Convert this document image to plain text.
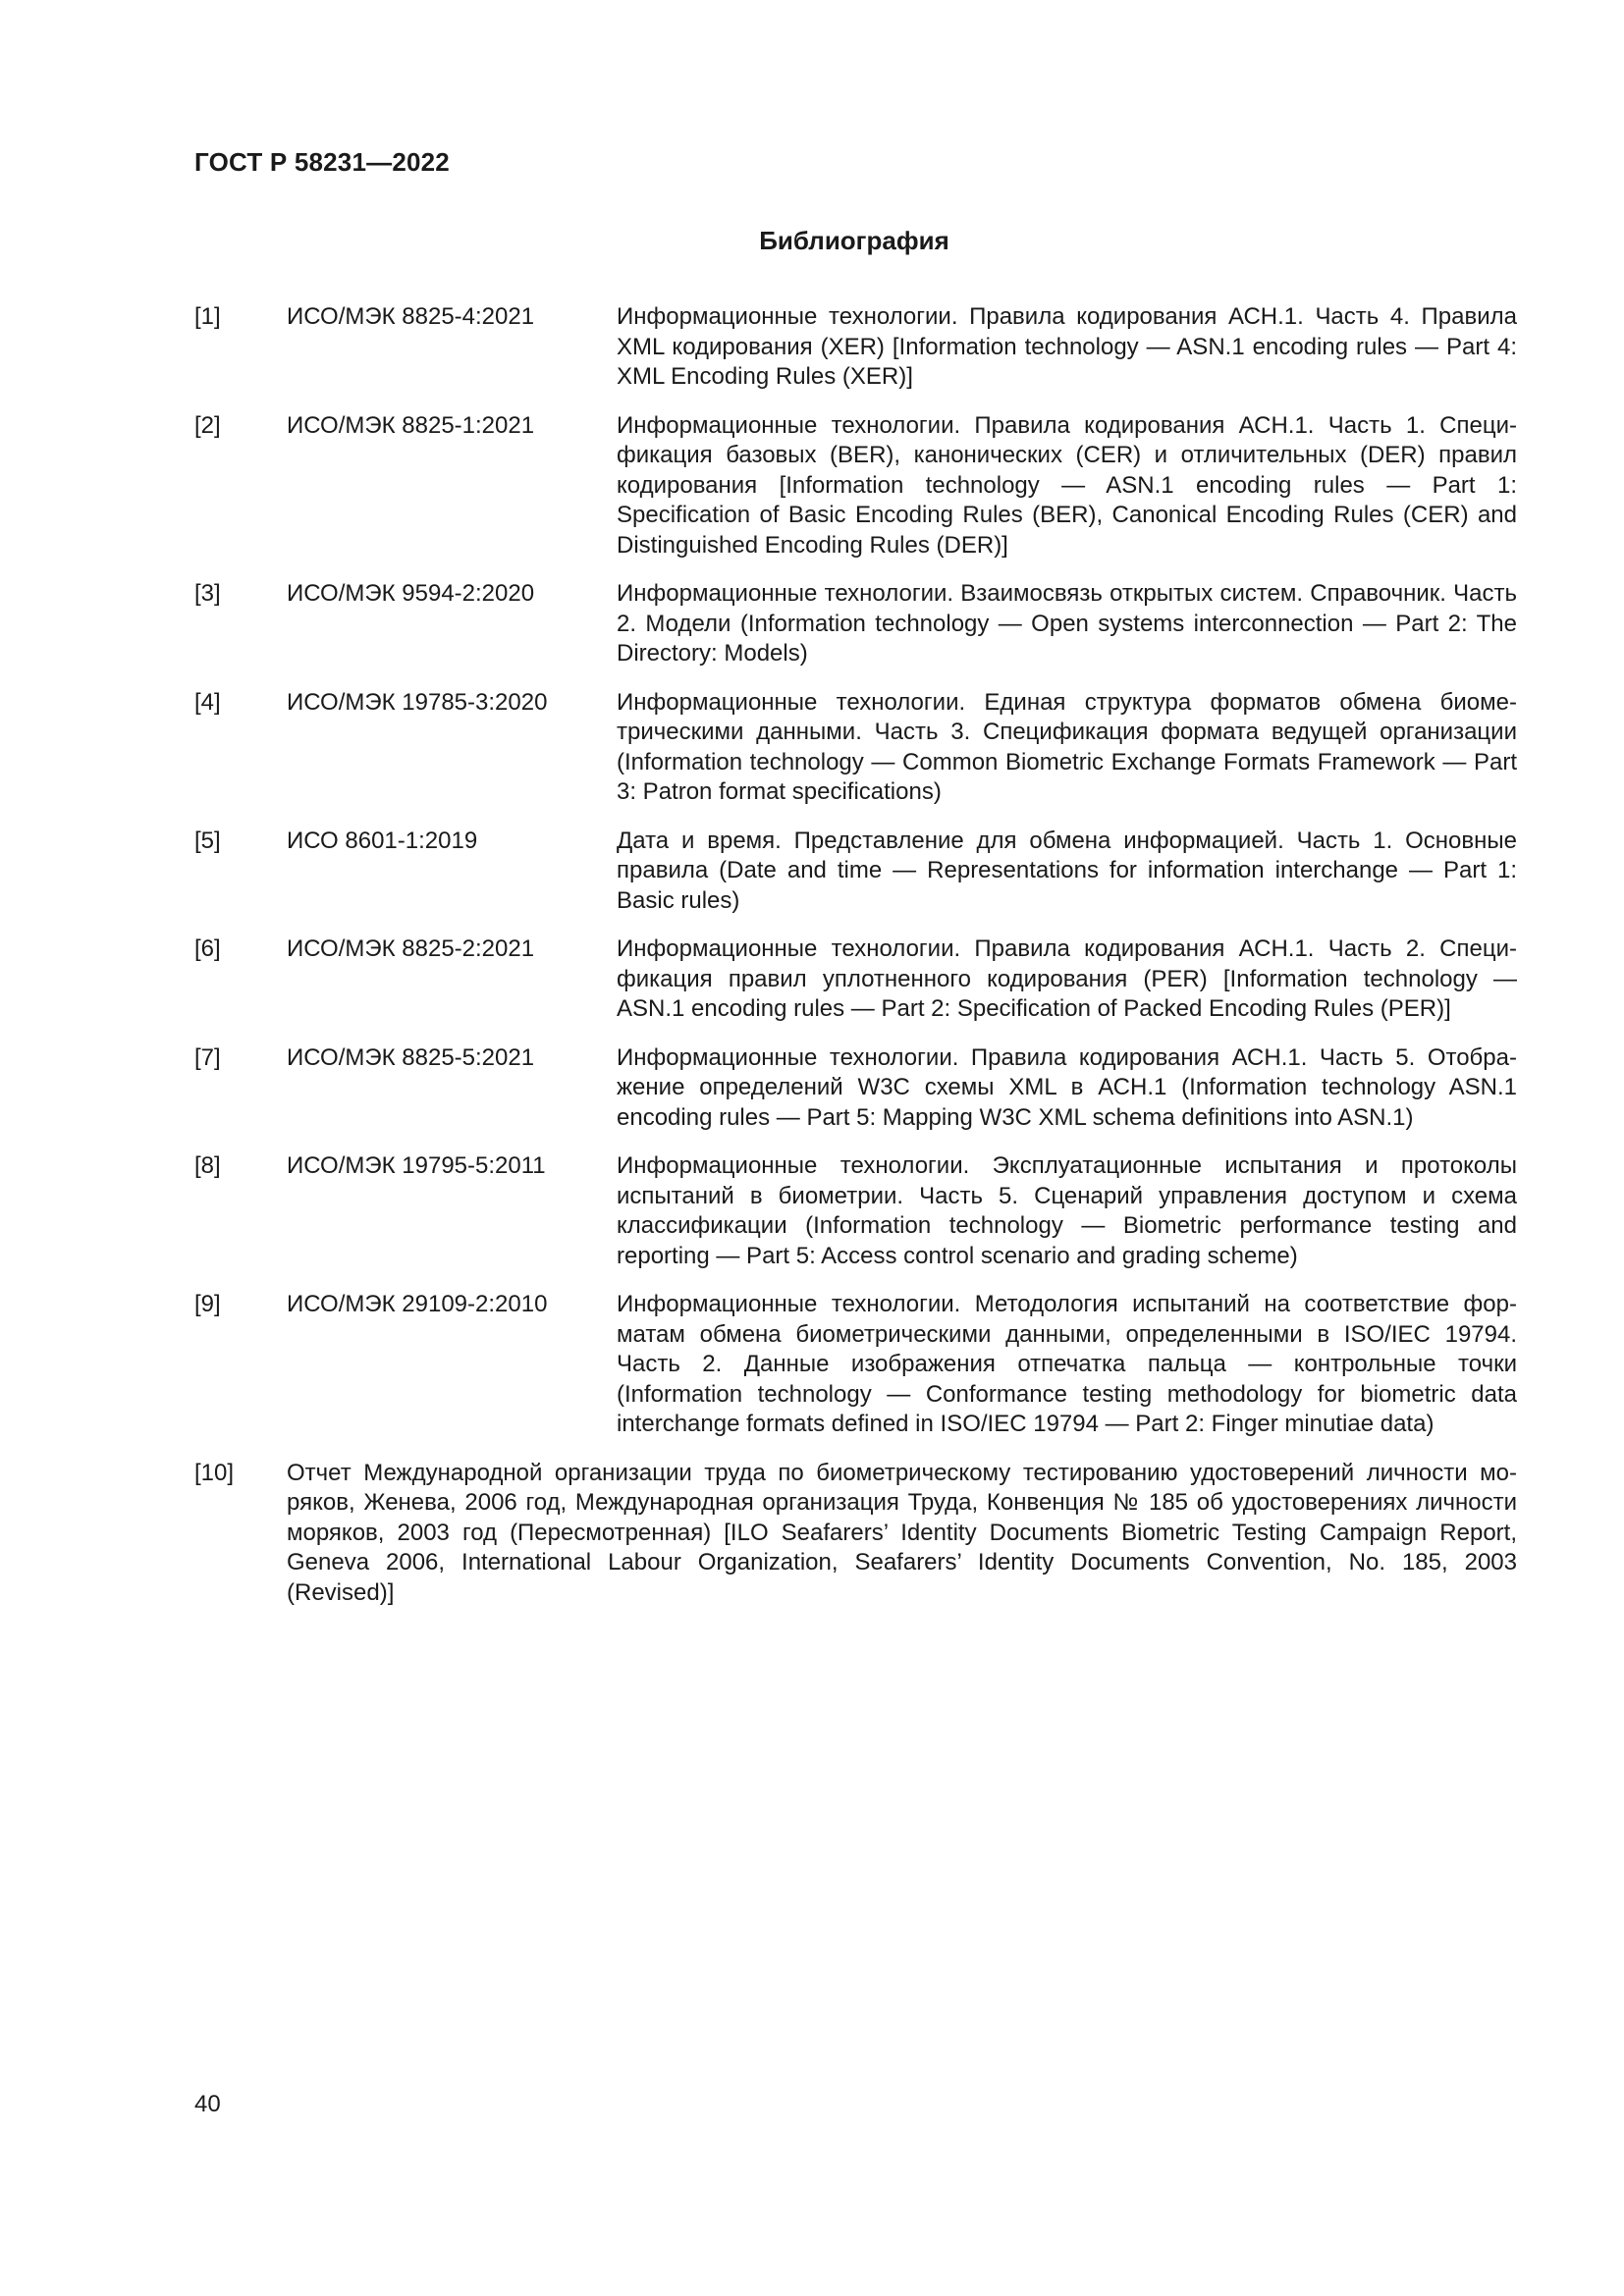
ГОСТ Р 58231—2022
Библиография
[1]	ИСО/МЭК 8825-4:2021	Информационные технологии. Правила кодирования АСН.1. Часть 4. Правила XML кодирования (XER) [Information technology — ASN.1 encoding rules — Part 4: XML Encoding Rules (XER)]
[2]	ИСО/МЭК 8825-1:2021	Информационные технологии. Правила кодирования АСН.1. Часть 1. Спецификация базовых (BER), канонических (CER) и отличительных (DER) правил кодирования [Information technology — ASN.1 encoding rules — Part 1: Specification of Basic Encoding Rules (BER), Canonical Encoding Rules (CER) and Distinguished Encoding Rules (DER)]
[3]	ИСО/МЭК 9594-2:2020	Информационные технологии. Взаимосвязь открытых систем. Справочник. Часть 2. Модели (Information technology — Open systems interconnection — Part 2: The Directory: Models)
[4]	ИСО/МЭК 19785-3:2020	Информационные технологии. Единая структура форматов обмена биометрическими данными. Часть 3. Спецификация формата ведущей организации (Information technology — Common Biometric Exchange Formats Framework — Part 3: Patron format specifications)
[5]	ИСО 8601-1:2019	Дата и время. Представление для обмена информацией. Часть 1. Основные правила (Date and time — Representations for information interchange — Part 1: Basic rules)
[6]	ИСО/МЭК 8825-2:2021	Информационные технологии. Правила кодирования АСН.1. Часть 2. Спецификация правил уплотненного кодирования (PER) [Information technology — ASN.1 encoding rules — Part 2: Specification of Packed Encoding Rules (PER)]
[7]	ИСО/МЭК 8825-5:2021	Информационные технологии. Правила кодирования АСН.1. Часть 5. Отображение определений W3C схемы XML в АСН.1 (Information technology ASN.1 encoding rules — Part 5: Mapping W3C XML schema definitions into ASN.1)
[8]	ИСО/МЭК 19795-5:2011	Информационные технологии. Эксплуатационные испытания и протоколы испытаний в биометрии. Часть 5. Сценарий управления доступом и схема классификации (Information technology — Biometric performance testing and reporting — Part 5: Access control scenario and grading scheme)
[9]	ИСО/МЭК 29109-2:2010	Информационные технологии. Методология испытаний на соответствие форматам обмена биометрическими данными, определенными в ISO/IEC 19794. Часть 2. Данные изображения отпечатка пальца — контрольные точки (Information technology — Conformance testing methodology for biometric data interchange formats defined in ISO/IEC 19794 — Part 2: Finger minutiae data)
[10] Отчет Международной организации труда по биометрическому тестированию удостоверений личности моряков, Женева, 2006 год, Международная организация Труда, Конвенция № 185 об удостоверениях личности моряков, 2003 год (Пересмотренная) [ILO Seafarers’ Identity Documents Biometric Testing Campaign Report, Geneva 2006, International Labour Organization, Seafarers’ Identity Documents Convention, No. 185, 2003 (Revised)]
40
